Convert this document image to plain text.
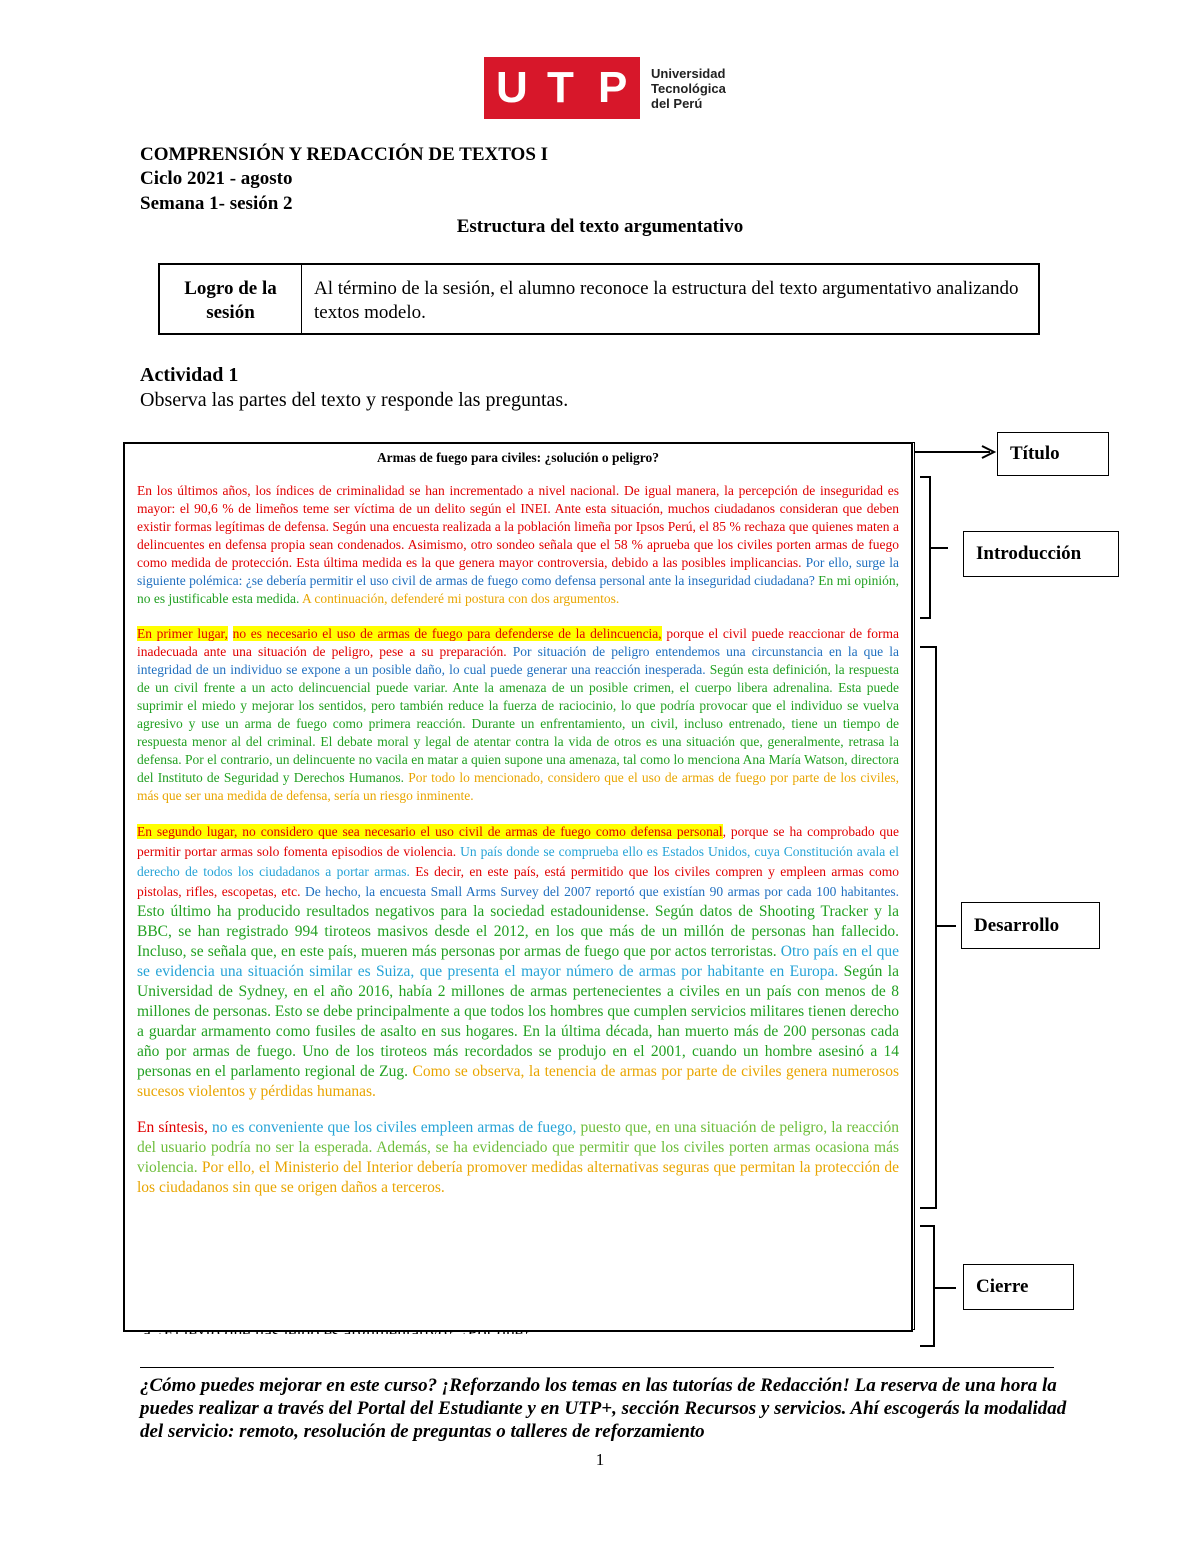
U T P Universidad
Tecnológica
del Perú
COMPRENSIÓN Y REDACCIÓN DE TEXTOS I
Ciclo 2021 - agosto
Semana 1- sesión 2
Estructura del texto argumentativo
Logro de la sesión
Al término de la sesión, el alumno reconoce la estructura del texto argumentativo analizando textos modelo.
Actividad 1
Observa las partes del texto y responde las preguntas.

Armas de fuego para civiles: ¿solución o peligro?

En los últimos años, los índices de criminalidad se han incrementado a nivel nacional. De igual manera, la percepción de inseguridad es mayor: el 90,6 % de limeños teme ser víctima de un delito según el INEI. Ante esta situación, muchos ciudadanos consideran que deben existir formas legítimas de defensa. Según una encuesta realizada a la población limeña por Ipsos Perú, el 85 % rechaza que quienes maten a delincuentes en defensa propia sean condenados. Asimismo, otro sondeo señala que el 58 % aprueba que los civiles porten armas de fuego como medida de protección. Esta última medida es la que genera mayor controversia, debido a las posibles implicancias. Por ello, surge la siguiente polémica: ¿se debería permitir el uso civil de armas de fuego como defensa personal ante la inseguridad ciudadana? En mi opinión, no es justificable esta medida. A continuación, defenderé mi postura con dos argumentos.

En primer lugar, no es necesario el uso de armas de fuego para defenderse de la delincuencia, porque el civil puede reaccionar de forma inadecuada ante una situación de peligro, pese a su preparación. Por situación de peligro entendemos una circunstancia en la que la integridad de un individuo se expone a un posible daño, lo cual puede generar una reacción inesperada. Según esta definición, la respuesta de un civil frente a un acto delincuencial puede variar. Ante la amenaza de un posible crimen, el cuerpo libera adrenalina. Esta puede suprimir el miedo y mejorar los sentidos, pero también reduce la fuerza de raciocinio, lo que podría provocar que el individuo se vuelva agresivo y use un arma de fuego como primera reacción. Durante un enfrentamiento, un civil, incluso entrenado, tiene un tiempo de respuesta menor al del criminal. El debate moral y legal de atentar contra la vida de otros es una situación que, generalmente, retrasa la defensa. Por el contrario, un delincuente no vacila en matar a quien supone una amenaza, tal como lo menciona Ana María Watson, directora del Instituto de Seguridad y Derechos Humanos. Por todo lo mencionado, considero que el uso de armas de fuego por parte de los civiles, más que ser una medida de defensa, sería un riesgo inminente.

En segundo lugar, no considero que sea necesario el uso civil de armas de fuego como defensa personal, porque se ha comprobado que permitir portar armas solo fomenta episodios de violencia. Un país donde se comprueba ello es Estados Unidos, cuya Constitución avala el derecho de todos los ciudadanos a portar armas. Es decir, en este país, está permitido que los civiles compren y empleen armas como pistolas, rifles, escopetas, etc. De hecho, la encuesta Small Arms Survey del 2007 reportó que existían 90 armas por cada 100 habitantes. Esto último ha producido resultados negativos para la sociedad estadounidense. Según datos de Shooting Tracker y la BBC, se han registrado 994 tiroteos masivos desde el 2012, en los que más de un millón de personas han fallecido. Incluso, se señala que, en este país, mueren más personas por armas de fuego que por actos terroristas. Otro país en el que se evidencia una situación similar es Suiza, que presenta el mayor número de armas por habitante en Europa. Según la Universidad de Sydney, en el año 2016, había 2 millones de armas pertenecientes a civiles en un país con menos de 8 millones de personas. Esto se debe principalmente a que todos los hombres que cumplen servicios militares tienen derecho a guardar armamento como fusiles de asalto en sus hogares. En la última década, han muerto más de 200 personas cada año por armas de fuego. Uno de los tiroteos más recordados se produjo en el 2001, cuando un hombre asesinó a 14 personas en el parlamento regional de Zug. Como se observa, la tenencia de armas por parte de civiles genera numerosos sucesos violentos y pérdidas humanas.

En síntesis, no es conveniente que los civiles empleen armas de fuego, puesto que, en una situación de peligro, la reacción del usuario podría no ser la esperada. Además, se ha evidenciado que permitir que los civiles porten armas ocasiona más violencia. Por ello, el Ministerio del Interior debería promover medidas alternativas seguras que permitan la protección de los ciudadanos sin que se origen daños a terceros.

Título
Introducción
Desarrollo
Cierre
¿Cómo puedes mejorar en este curso? ¡Reforzando los temas en las tutorías de Redacción! La reserva de una hora la puedes realizar a través del Portal del Estudiante y en UTP+, sección Recursos y servicios. Ahí escogerás la modalidad del servicio: remoto, resolución de preguntas o talleres de reforzamiento
1
